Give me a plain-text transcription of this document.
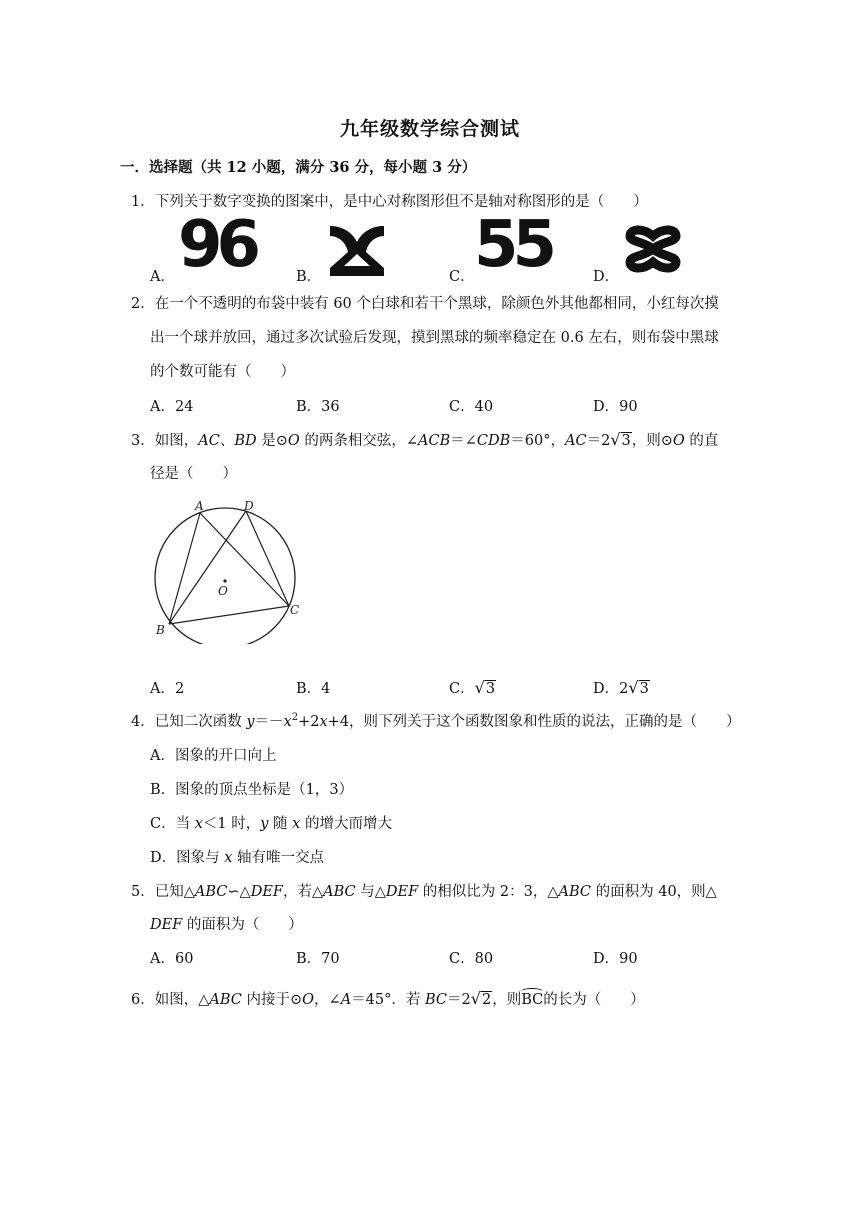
九年级数学综合测试
一．选择题（共 12 小题，满分 36 分，每小题 3 分）
1．下列关于数字变换的图案中，是中心对称图形但不是轴对称图形的是（　　）
A． 96	B．	C． 55	D．
2．在一个不透明的布袋中装有 60 个白球和若干个黑球，除颜色外其他都相同，小红每次摸
出一个球并放回，通过多次试验后发现，摸到黑球的频率稳定在 0.6 左右，则布袋中黑球
的个数可能有（　　）
A．24	B．36	C．40	D．90
3．如图，AC、BD 是⊙O 的两条相交弦，∠ACB＝∠CDB＝60°，AC＝2√3，则⊙O 的直
径是（　　）
A	D
O
C
B
A．2	B．4	C．√3	D．2√3
4．已知二次函数 $y=-x^2+2x+4$，则下列关于这个函数图象和性质的说法，正确的是（　　）
A．图象的开口向上
B．图象的顶点坐标是（1，3）
C．当 x＜1 时，y 随 x 的增大而增大
D．图象与 x 轴有唯一交点
5．已知△ABC∽△DEF，若△ABC 与△DEF 的相似比为 2：3，△ABC 的面积为 40，则△
DEF 的面积为（　　）
A．60	B．70	C．80	D．90
6．如图，△ABC 内接于⊙O，∠A＝45°．若 BC＝2√2，则
BC的长为（　　）
